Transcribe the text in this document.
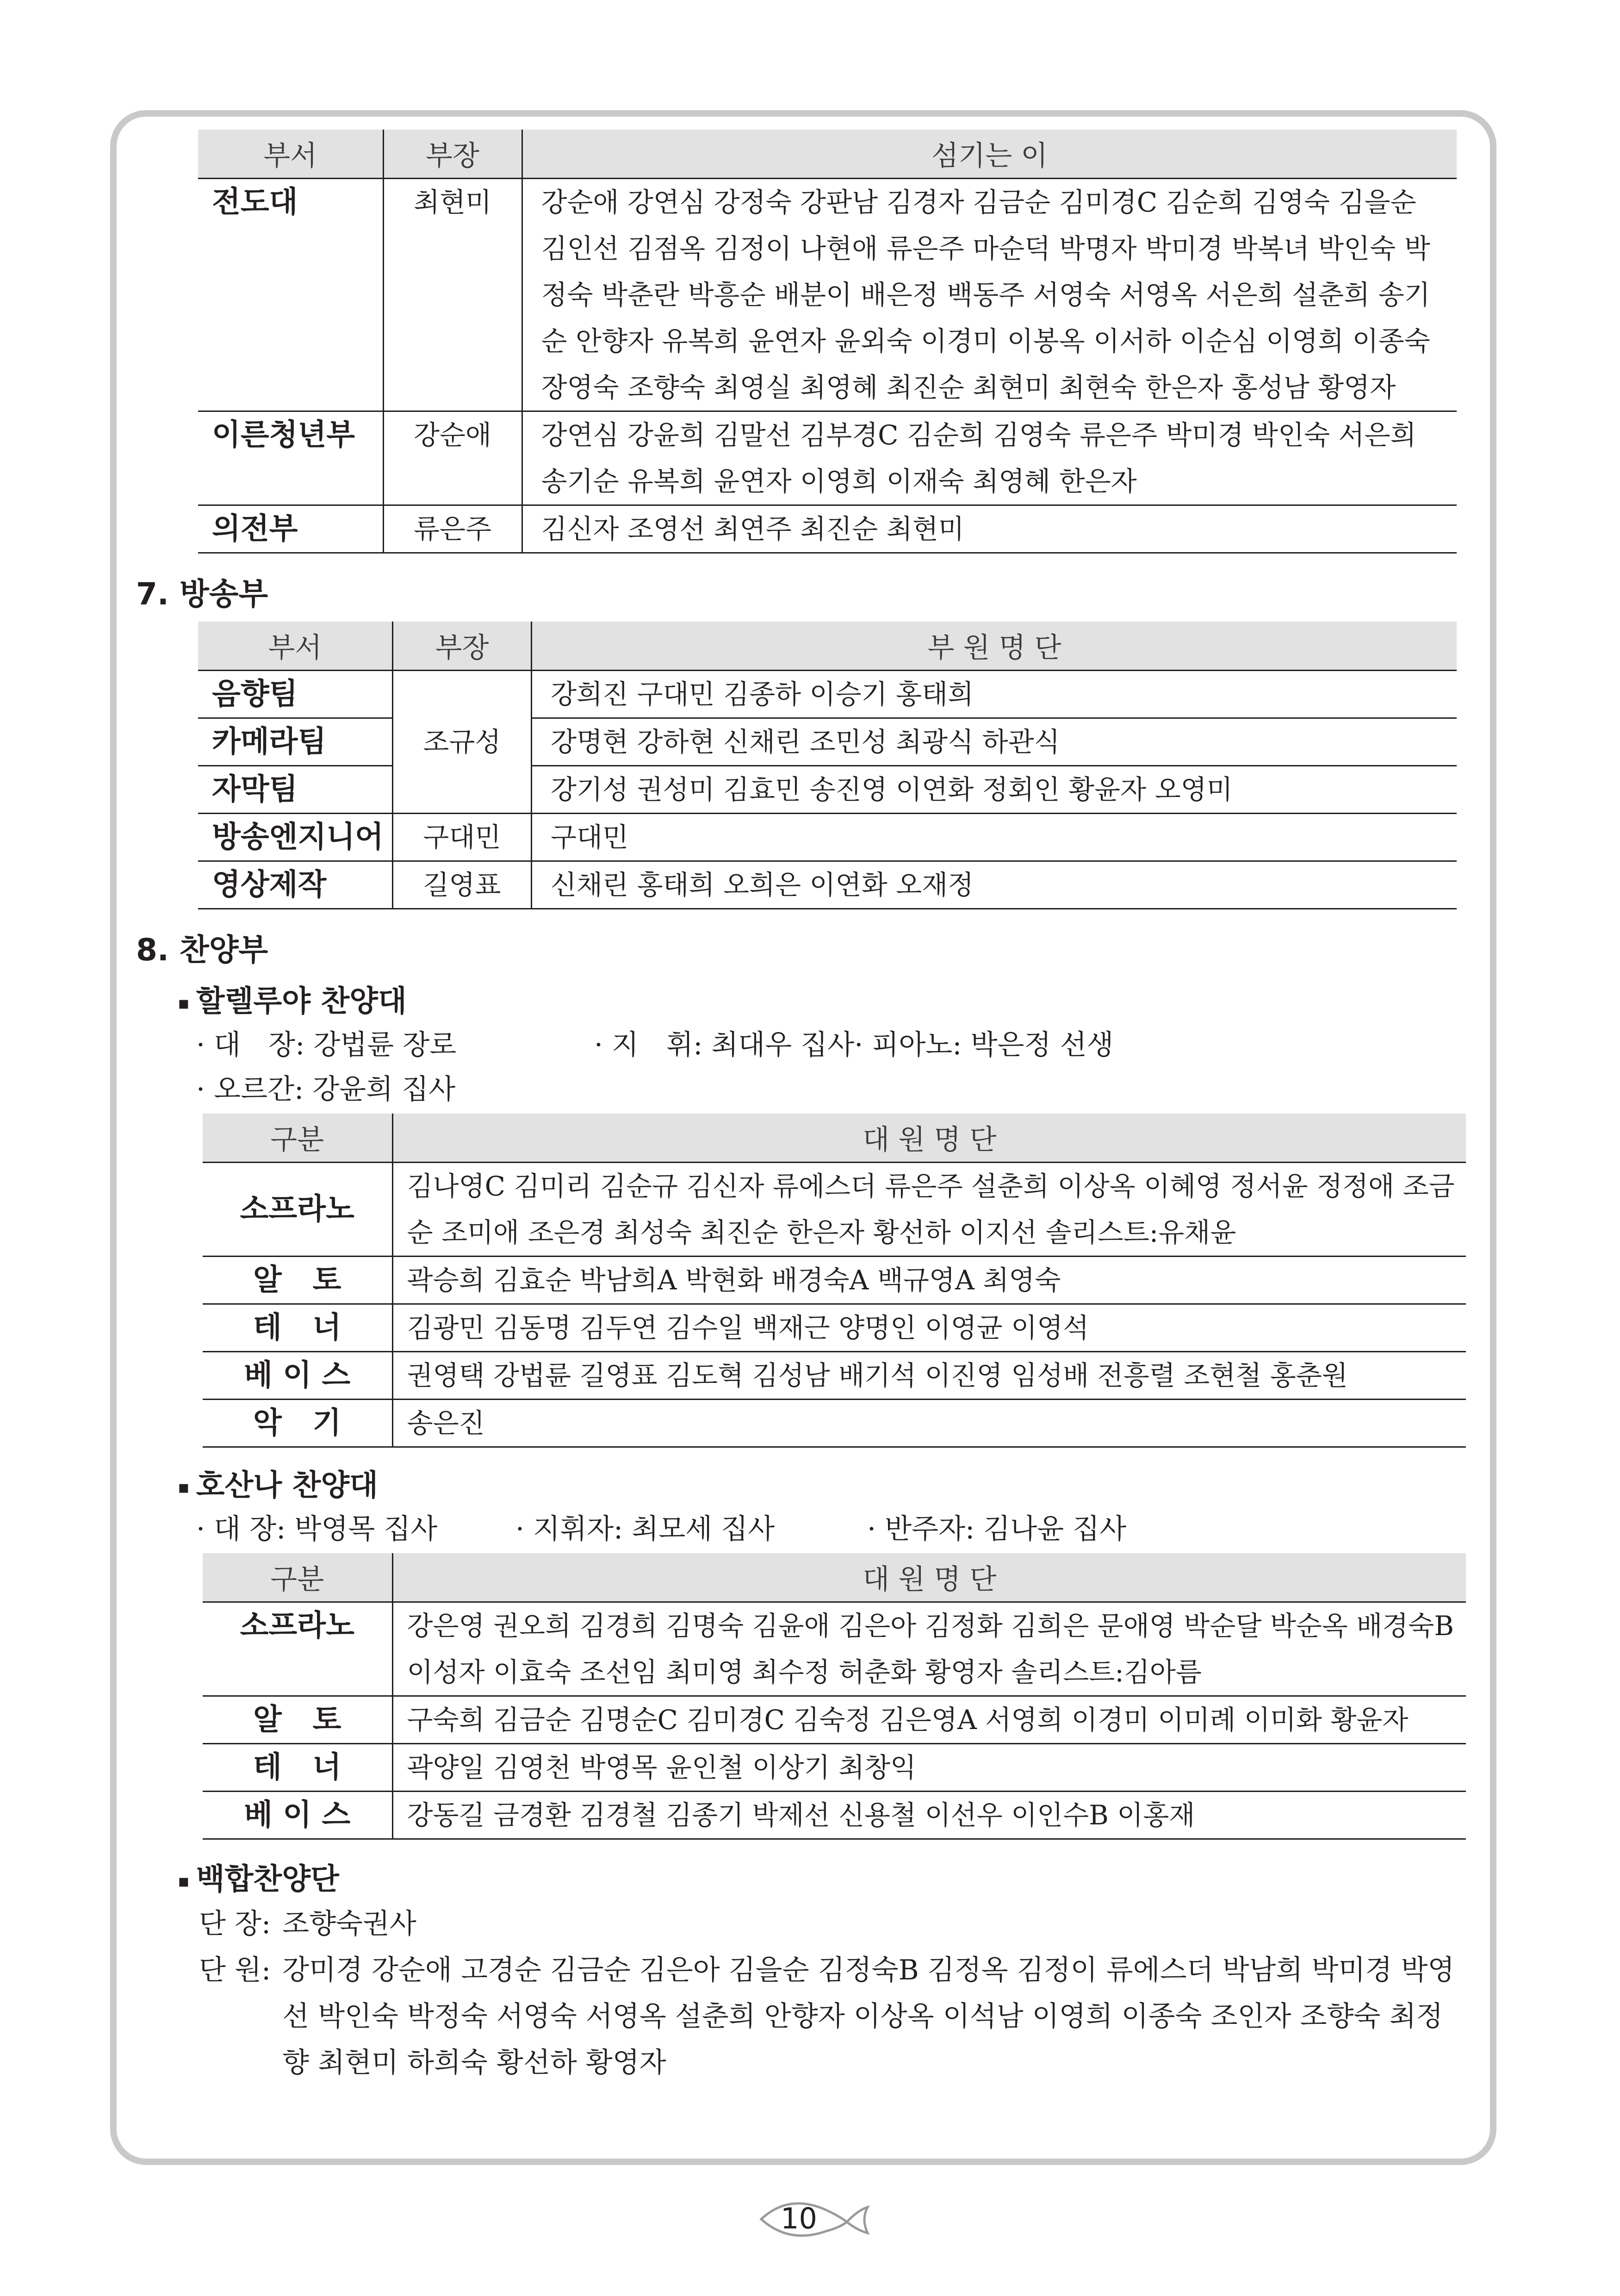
부서	부장	섬기는 이
전도대	최현미	강순애 강연심 강정숙 강판남 김경자 김금순 김미경C 김순희 김영숙 김을순 김인선 김점옥 김정이 나현애 류은주 마순덕 박명자 박미경 박복녀 박인숙 박정숙 박춘란 박흥순 배분이 배은정 백동주 서영숙 서영옥 서은희 설춘희 송기순 안향자 유복희 윤연자 윤외숙 이경미 이봉옥 이서하 이순심 이영희 이종숙 장영숙 조향숙 최영실 최영혜 최진순 최현미 최현숙 한은자 홍성남 황영자
이른청년부	강순애	강연심 강윤희 김말선 김부경C 김순희 김영숙 류은주 박미경 박인숙 서은희 송기순 유복희 윤연자 이영희 이재숙 최영혜 한은자
의전부	류은주	김신자 조영선 최연주 최진순 최현미
7. 방송부
부서	부장	부 원 명 단
음향팀	조규성	강희진 구대민 김종하 이승기 홍태희
카메라팀		강명현 강하현 신채린 조민성 최광식 하관식
자막팀		강기성 권성미 김효민 송진영 이연화 정회인 황윤자 오영미
방송엔지니어	구대민	구대민
영상제작	길영표	신채린 홍태희 오희은 이연화 오재정
8. 찬양부
▪ 할렐루야 찬양대
· 대　장: 강법륜 장로	· 지　휘: 최대우 집사 · 피아노: 박은정 선생
· 오르간: 강윤희 집사
구분	대 원 명 단
소프라노	김나영C 김미리 김순규 김신자 류에스더 류은주 설춘희 이상옥 이혜영 정서윤 정정애 조금순 조미애 조은경 최성숙 최진순 한은자 황선하 이지선 솔리스트:유채윤
알   토	곽승희 김효순 박남희A 박현화 배경숙A 백규영A 최영숙
테   너	김광민 김동명 김두연 김수일 백재근 양명인 이영균 이영석
베 이 스	권영택 강법륜 길영표 김도혁 김성남 배기석 이진영 임성배 전흥렬 조현철 홍춘원
악   기	송은진
▪ 호산나 찬양대
· 대 장: 박영목 집사	· 지휘자: 최모세 집사	· 반주자: 김나윤 집사
구분	대 원 명 단
소프라노	강은영 권오희 김경희 김명숙 김윤애 김은아 김정화 김희은 문애영 박순달 박순옥 배경숙B 이성자 이효숙 조선임 최미영 최수정 허춘화 황영자 솔리스트:김아름
알   토	구숙희 김금순 김명순C 김미경C 김숙정 김은영A 서영희 이경미 이미례 이미화 황윤자
테   너	곽양일 김영천 박영목 윤인철 이상기 최창익
베 이 스	강동길 금경환 김경철 김종기 박제선 신용철 이선우 이인수B 이홍재
▪ 백합찬양단
단 장: 조향숙권사
단 원: 강미경 강순애 고경순 김금순 김은아 김을순 김정숙B 김정옥 김정이 류에스더 박남희 박미경 박영선 박인숙 박정숙 서영숙 서영옥 설춘희 안향자 이상옥 이석남 이영희 이종숙 조인자 조향숙 최정향 최현미 하희숙 황선하 황영자
10
